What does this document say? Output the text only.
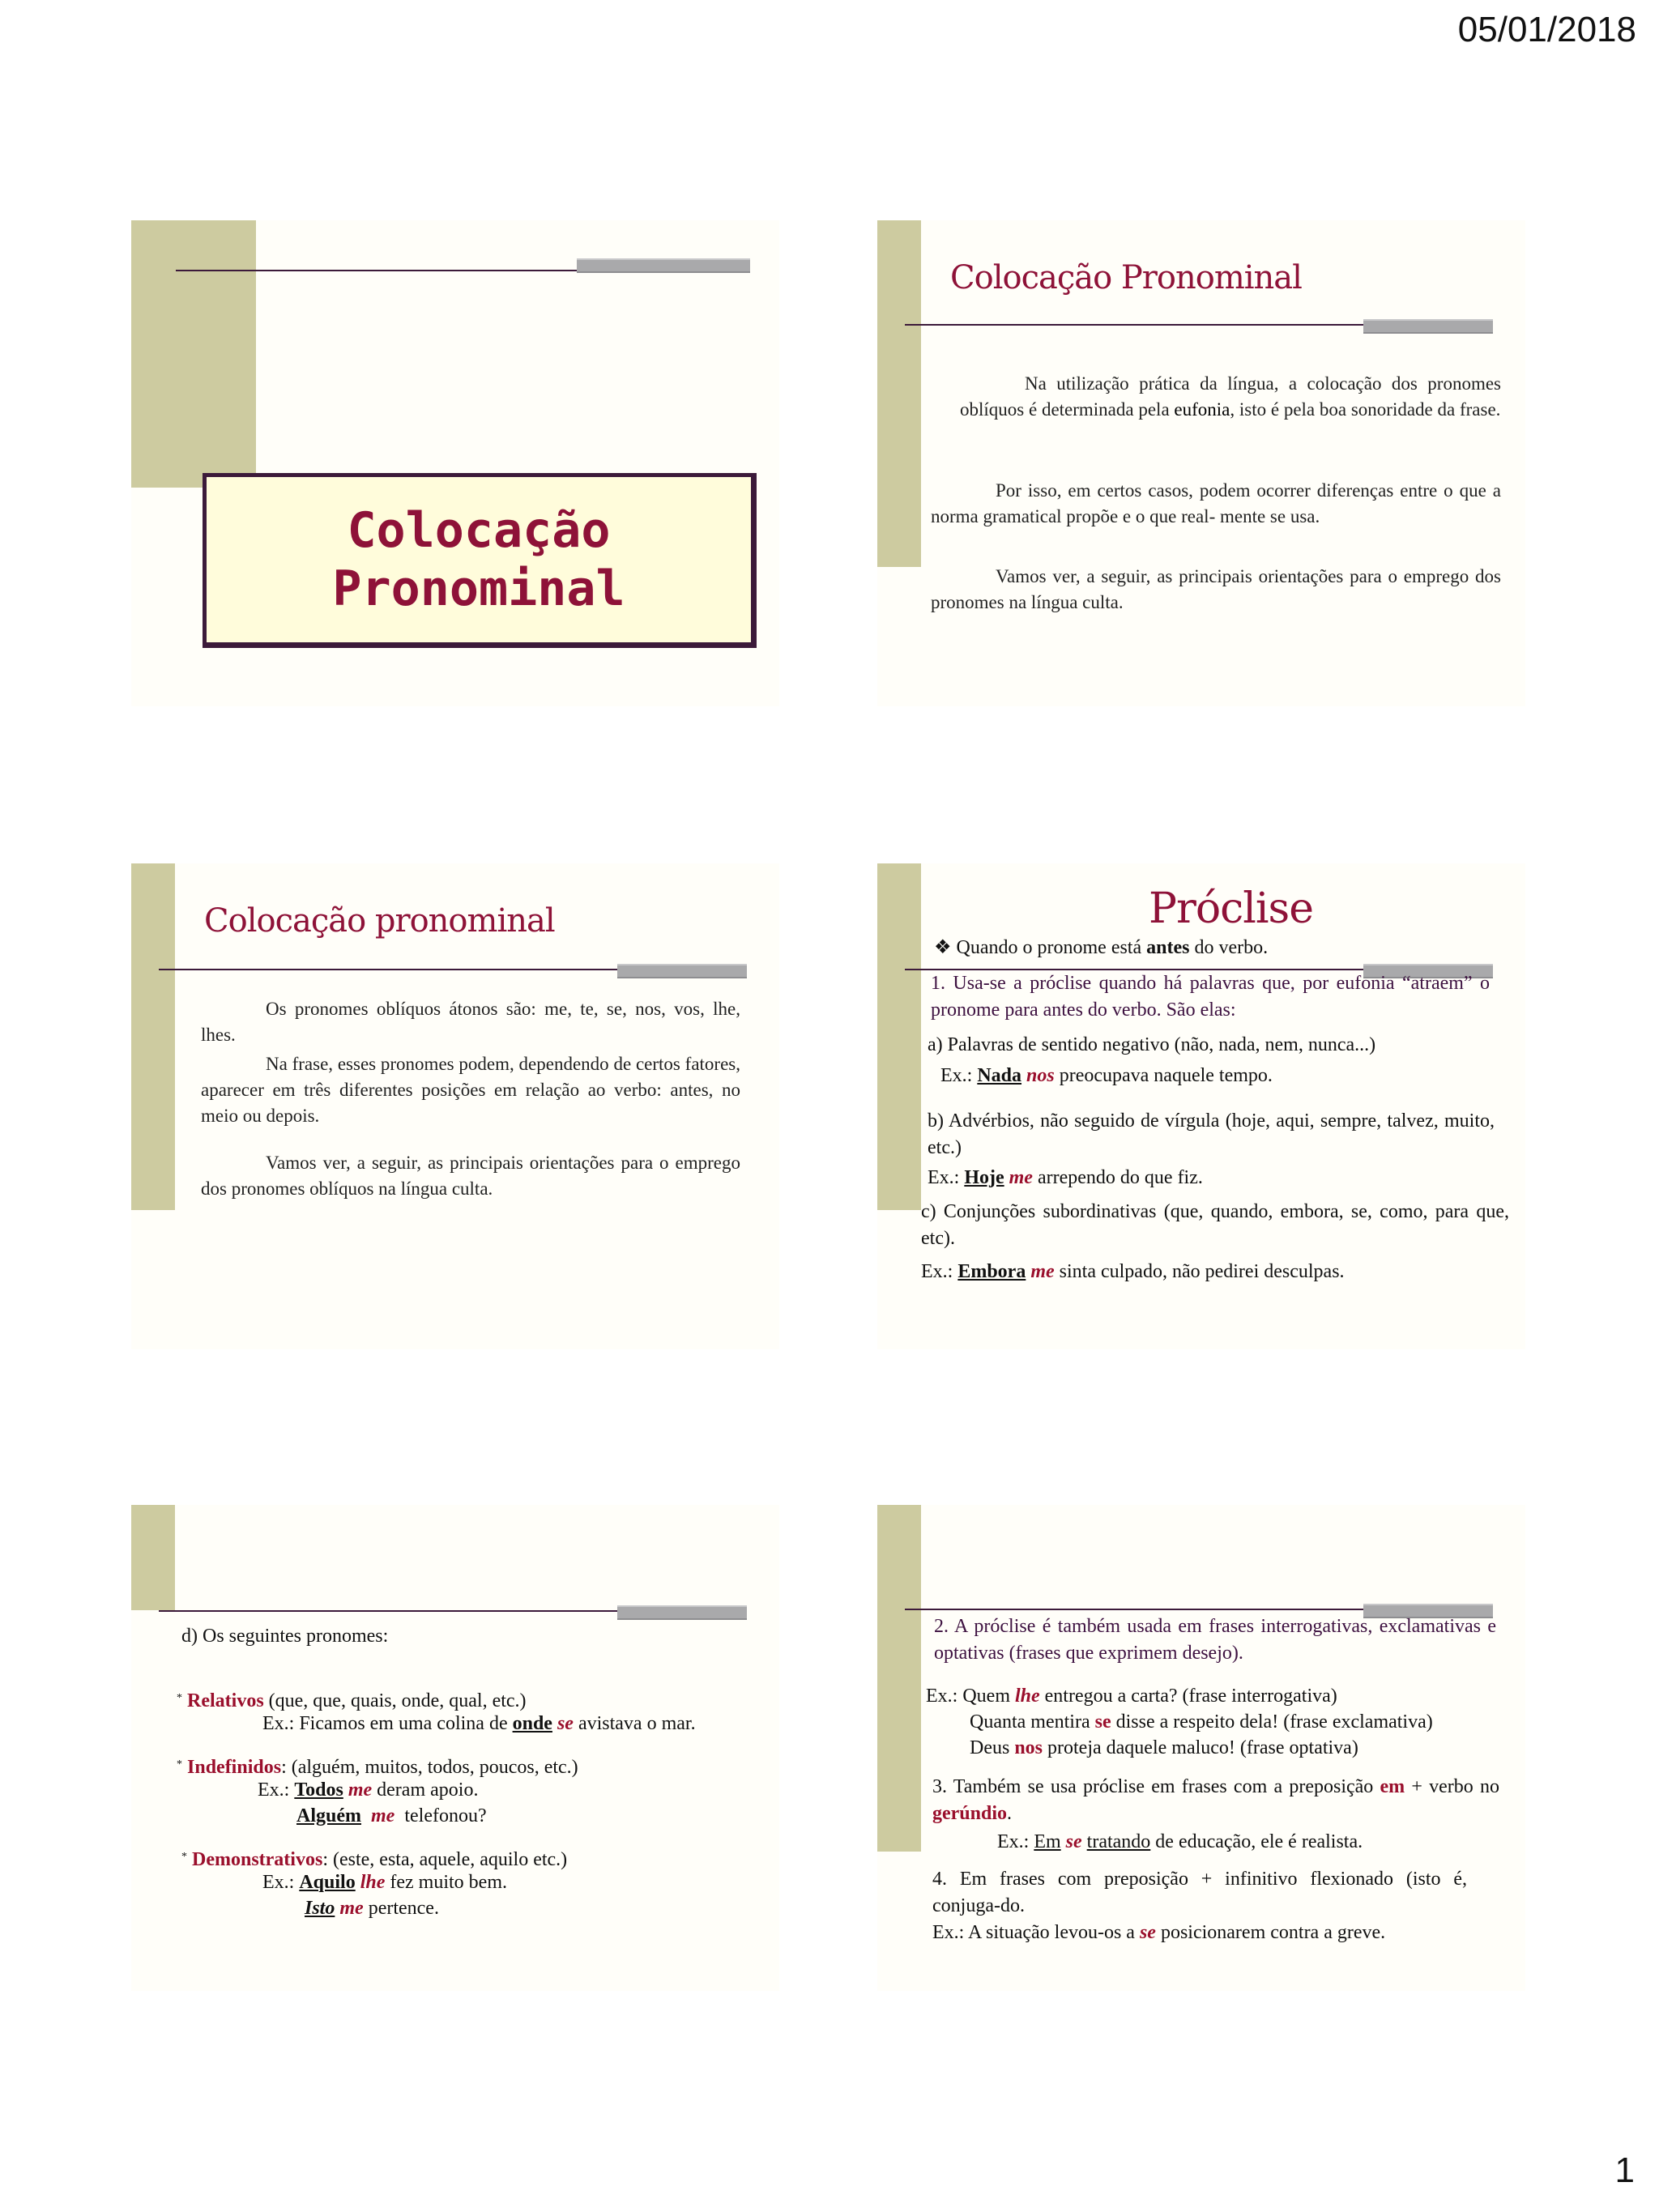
05/01/2018
Colocação
Pronominal
Colocação Pronominal
Na utilização prática da língua, a colocação dos pronomes oblíquos é determinada pela eufonia, isto é pela boa sonoridade da frase.
Por isso, em certos casos, podem ocorrer diferenças entre o que a norma gramatical propõe e o que real- mente se usa.
Vamos ver, a seguir, as principais orientações para o emprego dos pronomes na língua culta.
Colocação pronominal
Os pronomes oblíquos átonos são: me, te, se, nos, vos, lhe, lhes.
Na frase, esses pronomes podem, dependendo de certos fatores, aparecer em três diferentes posições em relação ao verbo: antes, no meio ou depois.
Vamos ver, a seguir, as principais orientações para o emprego dos pronomes oblíquos na língua culta.
Próclise
❖ Quando o pronome está antes do verbo.
1. Usa-se a próclise quando há palavras que, por eufonia “atraem” o pronome para antes do verbo. São elas:
a) Palavras de sentido negativo (não, nada, nem, nunca...)
Ex.: Nada nos preocupava naquele tempo.
b) Advérbios, não seguido de vírgula (hoje, aqui, sempre, talvez, muito, etc.)
Ex.: Hoje me arrependo do que fiz.
c) Conjunções subordinativas (que, quando, embora, se, como, para que, etc).
Ex.: Embora me sinta culpado, não pedirei desculpas.
d) Os seguintes pronomes:
* Relativos (que, que, quais, onde, qual, etc.)
Ex.: Ficamos em uma colina de onde se avistava o mar.
* Indefinidos: (alguém, muitos, todos, poucos, etc.)
Ex.: Todos me deram apoio.
Alguém me  telefonou?
* Demonstrativos: (este, esta, aquele, aquilo etc.)
Ex.: Aquilo lhe fez muito bem.
Isto me pertence.
2. A próclise é também usada em frases interrogativas, exclamativas e optativas (frases que exprimem desejo).
Ex.: Quem lhe entregou a carta? (frase interrogativa)
Quanta mentira se disse a respeito dela! (frase exclamativa)
Deus nos proteja daquele maluco! (frase optativa)
3. Também se usa próclise em frases com a preposição em + verbo no gerúndio.
Ex.: Em se tratando de educação, ele é realista.
4. Em frases com preposição + infinitivo flexionado (isto é, conjuga-do.
Ex.: A situação levou-os a se posicionarem contra a greve.
1
